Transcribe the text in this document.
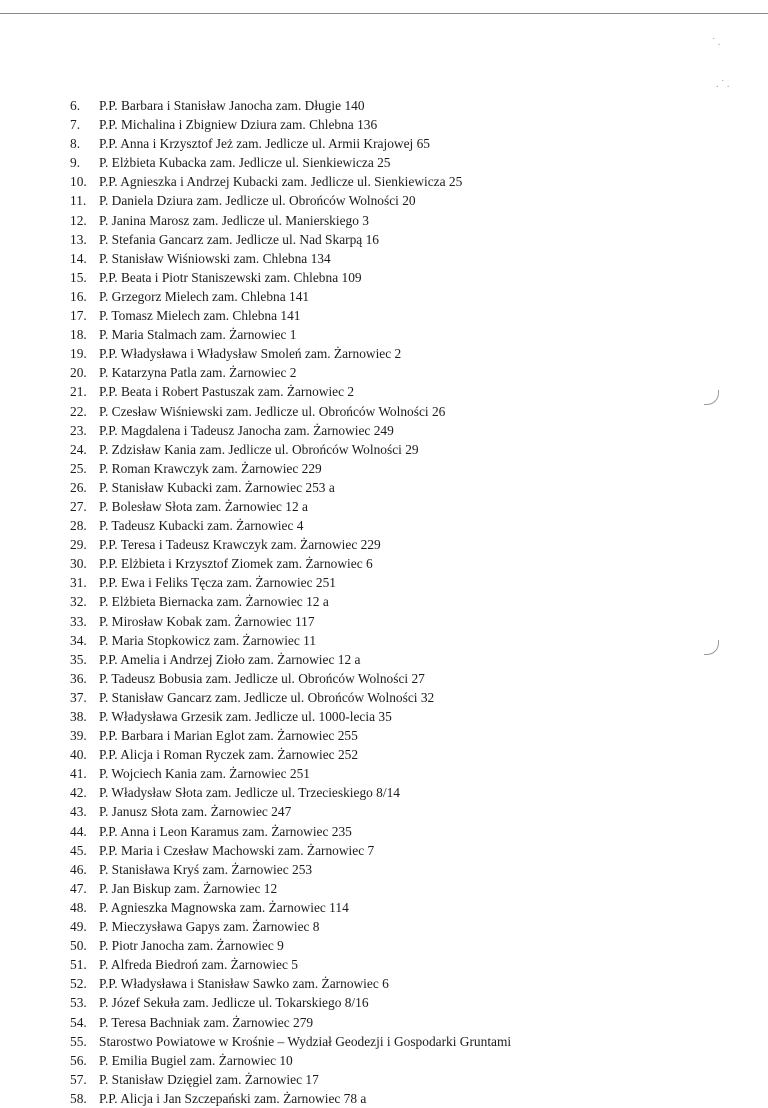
˙ .
. ˙ .
6.	P.P. Barbara i Stanisław Janocha zam. Długie 140
7.	P.P. Michalina i Zbigniew Dziura zam. Chlebna 136
8.	P.P. Anna i Krzysztof Jeż zam. Jedlicze ul. Armii Krajowej 65
9.	P. Elżbieta Kubacka zam. Jedlicze ul. Sienkiewicza 25
10. P.P. Agnieszka i Andrzej Kubacki zam. Jedlicze ul. Sienkiewicza 25
11. P. Daniela Dziura zam. Jedlicze ul. Obrońców Wolności 20
12. P. Janina Marosz zam. Jedlicze ul. Manierskiego 3
13. P. Stefania Gancarz zam. Jedlicze ul. Nad Skarpą 16
14. P. Stanisław Wiśniowski zam. Chlebna 134
15. P.P. Beata i Piotr Staniszewski zam. Chlebna 109
16. P. Grzegorz Mielech zam. Chlebna 141
17. P. Tomasz Mielech zam. Chlebna 141
18. P. Maria Stalmach zam. Żarnowiec 1
19. P.P. Władysława i Władysław Smoleń zam. Żarnowiec 2
20. P. Katarzyna Patla zam. Żarnowiec 2
21. P.P. Beata i Robert Pastuszak zam. Żarnowiec 2
22. P. Czesław Wiśniewski zam. Jedlicze ul. Obrońców Wolności 26
23. P.P. Magdalena i Tadeusz Janocha zam. Żarnowiec 249
24. P. Zdzisław Kania zam. Jedlicze ul. Obrońców Wolności 29
25. P. Roman Krawczyk zam. Żarnowiec 229
26. P. Stanisław Kubacki zam. Żarnowiec 253 a
27. P. Bolesław Słota zam. Żarnowiec 12 a
28. P. Tadeusz Kubacki zam. Żarnowiec 4
29. P.P. Teresa i Tadeusz Krawczyk zam. Żarnowiec 229
30. P.P. Elżbieta i Krzysztof Ziomek zam. Żarnowiec 6
31. P.P. Ewa i Feliks Tęcza zam. Żarnowiec 251
32. P. Elżbieta Biernacka zam. Żarnowiec 12 a
33. P. Mirosław Kobak zam. Żarnowiec 117
34. P. Maria Stopkowicz zam. Żarnowiec 11
35. P.P. Amelia i Andrzej Zioło zam. Żarnowiec 12 a
36. P. Tadeusz Bobusia zam. Jedlicze ul. Obrońców Wolności 27
37. P. Stanisław Gancarz zam. Jedlicze ul. Obrońców Wolności 32
38. P. Władysława Grzesik zam. Jedlicze ul. 1000-lecia 35
39. P.P. Barbara i Marian Eglot zam. Żarnowiec 255
40. P.P. Alicja i Roman Ryczek zam. Żarnowiec 252
41. P. Wojciech Kania zam. Żarnowiec 251
42. P. Władysław Słota zam. Jedlicze ul. Trzecieskiego 8/14
43. P. Janusz Słota zam. Żarnowiec 247
44. P.P. Anna i Leon Karamus zam. Żarnowiec 235
45. P.P. Maria i Czesław Machowski zam. Żarnowiec 7
46. P. Stanisława Kryś zam. Żarnowiec 253
47. P. Jan Biskup zam. Żarnowiec 12
48. P. Agnieszka Magnowska zam. Żarnowiec 114
49. P. Mieczysława Gapys zam. Żarnowiec 8
50. P. Piotr Janocha zam. Żarnowiec 9
51. P. Alfreda Biedroń zam. Żarnowiec 5
52. P.P. Władysława i Stanisław Sawko zam. Żarnowiec 6
53. P. Józef Sekuła zam. Jedlicze ul. Tokarskiego 8/16
54. P. Teresa Bachniak zam. Żarnowiec 279
55. Starostwo Powiatowe w Krośnie – Wydział Geodezji i Gospodarki Gruntami
56. P. Emilia Bugiel zam. Żarnowiec 10
57. P. Stanisław Dzięgiel zam. Żarnowiec 17
58. P.P. Alicja i Jan Szczepański zam. Żarnowiec 78 a
